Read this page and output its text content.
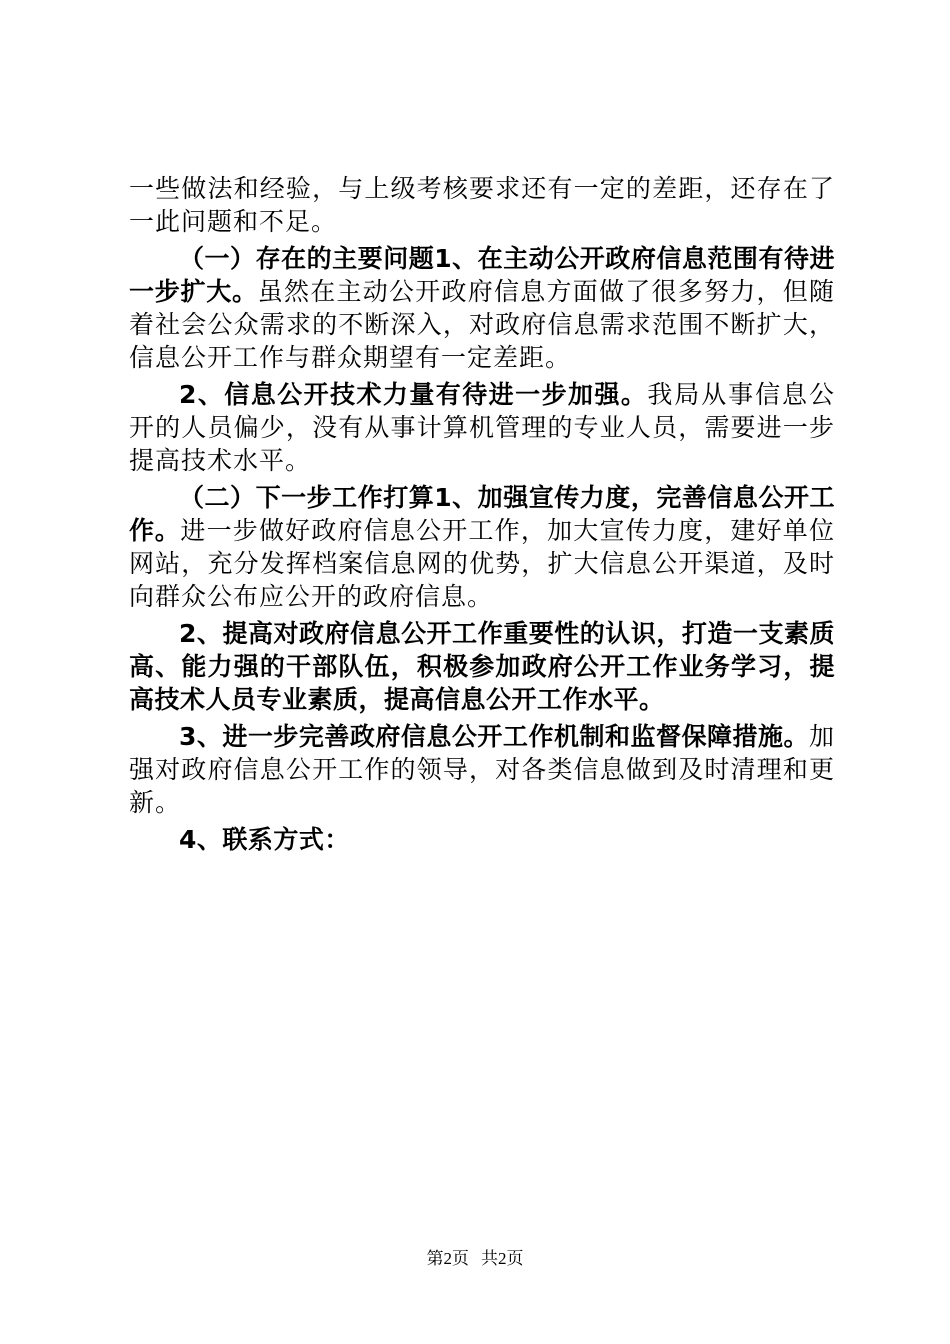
一些做法和经验，与上级考核要求还有一定的差距，还存在了一此问题和不足。

（一）存在的主要问题1、在主动公开政府信息范围有待进一步扩大。虽然在主动公开政府信息方面做了很多努力，但随着社会公众需求的不断深入，对政府信息需求范围不断扩大，信息公开工作与群众期望有一定差距。

2、信息公开技术力量有待进一步加强。我局从事信息公开的人员偏少，没有从事计算机管理的专业人员，需要进一步提高技术水平。

（二）下一步工作打算1、加强宣传力度，完善信息公开工作。进一步做好政府信息公开工作，加大宣传力度，建好单位网站，充分发挥档案信息网的优势，扩大信息公开渠道，及时向群众公布应公开的政府信息。

2、提高对政府信息公开工作重要性的认识，打造一支素质高、能力强的干部队伍，积极参加政府公开工作业务学习，提高技术人员专业素质，提高信息公开工作水平。

3、进一步完善政府信息公开工作机制和监督保障措施。加强对政府信息公开工作的领导，对各类信息做到及时清理和更新。

4、联系方式：

第2页 共2页
